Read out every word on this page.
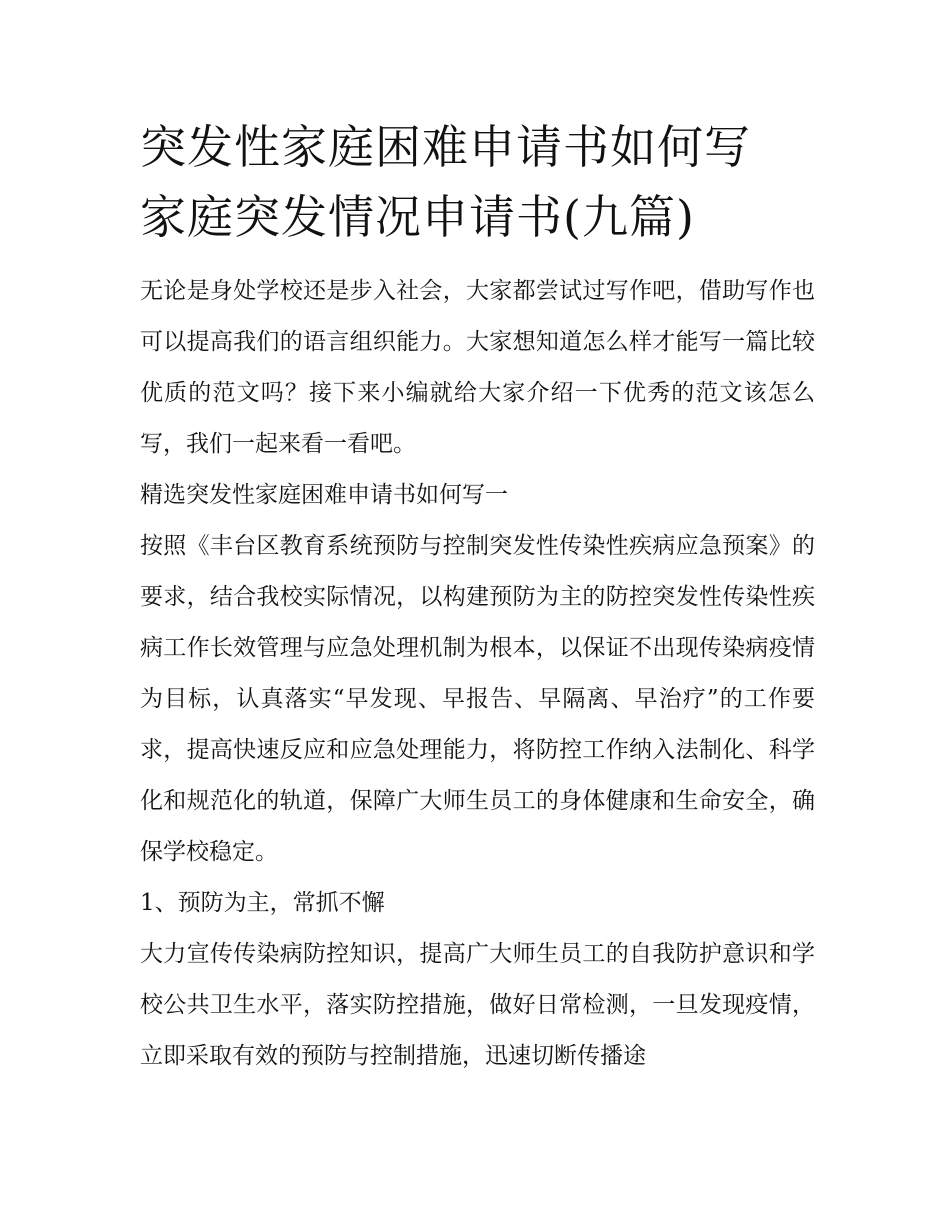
突发性家庭困难申请书如何写
家庭突发情况申请书(九篇)

无论是身处学校还是步入社会，大家都尝试过写作吧，借助写作也可以提高我们的语言组织能力。大家想知道怎么样才能写一篇比较优质的范文吗？接下来小编就给大家介绍一下优秀的范文该怎么写，我们一起来看一看吧。

精选突发性家庭困难申请书如何写一

按照《丰台区教育系统预防与控制突发性传染性疾病应急预案》的要求，结合我校实际情况，以构建预防为主的防控突发性传染性疾病工作长效管理与应急处理机制为根本，以保证不出现传染病疫情为目标，认真落实“早发现、早报告、早隔离、早治疗”的工作要求，提高快速反应和应急处理能力，将防控工作纳入法制化、科学化和规范化的轨道，保障广大师生员工的身体健康和生命安全，确保学校稳定。

1、预防为主，常抓不懈

大力宣传传染病防控知识，提高广大师生员工的自我防护意识和学校公共卫生水平，落实防控措施，做好日常检测，一旦发现疫情，立即采取有效的预防与控制措施，迅速切断传播途
